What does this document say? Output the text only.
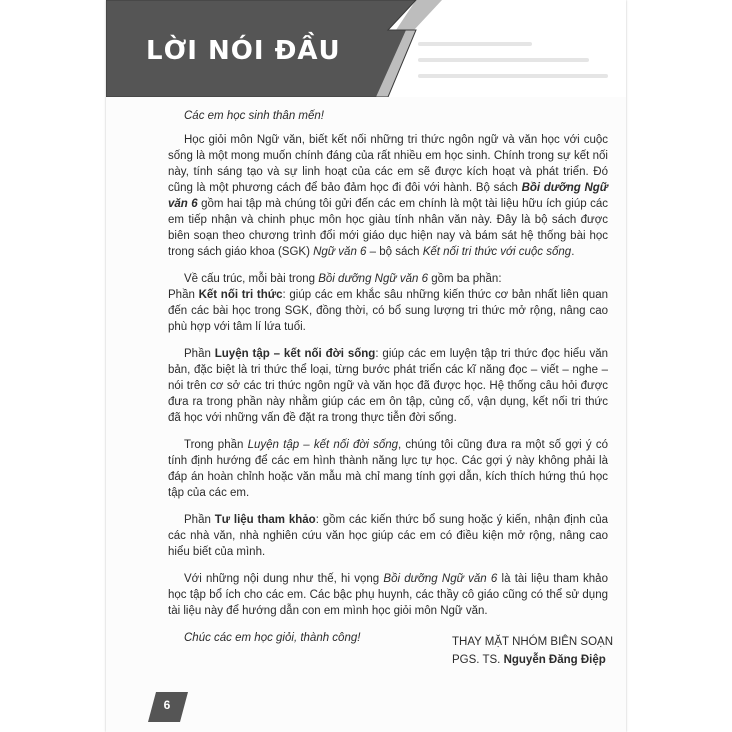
LỜI NÓI ĐẦU

Các em học sinh thân mến!

Học giỏi môn Ngữ văn, biết kết nối những tri thức ngôn ngữ và văn học với cuộc sống là một mong muốn chính đáng của rất nhiều em học sinh. Chính trong sự kết nối này, tính sáng tạo và sự linh hoạt của các em sẽ được kích hoạt và phát triển. Đó cũng là một phương cách để bảo đảm học đi đôi với hành. Bộ sách Bồi dưỡng Ngữ văn 6 gồm hai tập mà chúng tôi gửi đến các em chính là một tài liệu hữu ích giúp các em tiếp nhận và chinh phục môn học giàu tính nhân văn này. Đây là bộ sách được biên soạn theo chương trình đổi mới giáo dục hiện nay và bám sát hệ thống bài học trong sách giáo khoa (SGK) Ngữ văn 6 – bộ sách Kết nối tri thức với cuộc sống.

Về cấu trúc, mỗi bài trong Bồi dưỡng Ngữ văn 6 gồm ba phần:

Phần Kết nối tri thức: giúp các em khắc sâu những kiến thức cơ bản nhất liên quan đến các bài học trong SGK, đồng thời, có bổ sung lượng tri thức mở rộng, nâng cao phù hợp với tâm lí lứa tuổi.

Phần Luyện tập – kết nối đời sống: giúp các em luyện tập tri thức đọc hiểu văn bản, đặc biệt là tri thức thể loại, từng bước phát triển các kĩ năng đọc – viết – nghe – nói trên cơ sở các tri thức ngôn ngữ và văn học đã được học. Hệ thống câu hỏi được đưa ra trong phần này nhằm giúp các em ôn tập, củng cố, vận dụng, kết nối tri thức đã học với những vấn đề đặt ra trong thực tiễn đời sống.

Trong phần Luyện tập – kết nối đời sống, chúng tôi cũng đưa ra một số gợi ý có tính định hướng để các em hình thành năng lực tự học. Các gợi ý này không phải là đáp án hoàn chỉnh hoặc văn mẫu mà chỉ mang tính gợi dẫn, kích thích hứng thú học tập của các em.

Phần Tư liệu tham khảo: gồm các kiến thức bổ sung hoặc ý kiến, nhận định của các nhà văn, nhà nghiên cứu văn học giúp các em có điều kiện mở rộng, nâng cao hiểu biết của mình.

Với những nội dung như thế, hi vọng Bồi dưỡng Ngữ văn 6 là tài liệu tham khảo học tập bổ ích cho các em. Các bậc phụ huynh, các thầy cô giáo cũng có thể sử dụng tài liệu này để hướng dẫn con em mình học giỏi môn Ngữ văn.

Chúc các em học giỏi, thành công!	THAY MẶT NHÓM BIÊN SOẠN
PGS. TS. Nguyễn Đăng Điệp
6
